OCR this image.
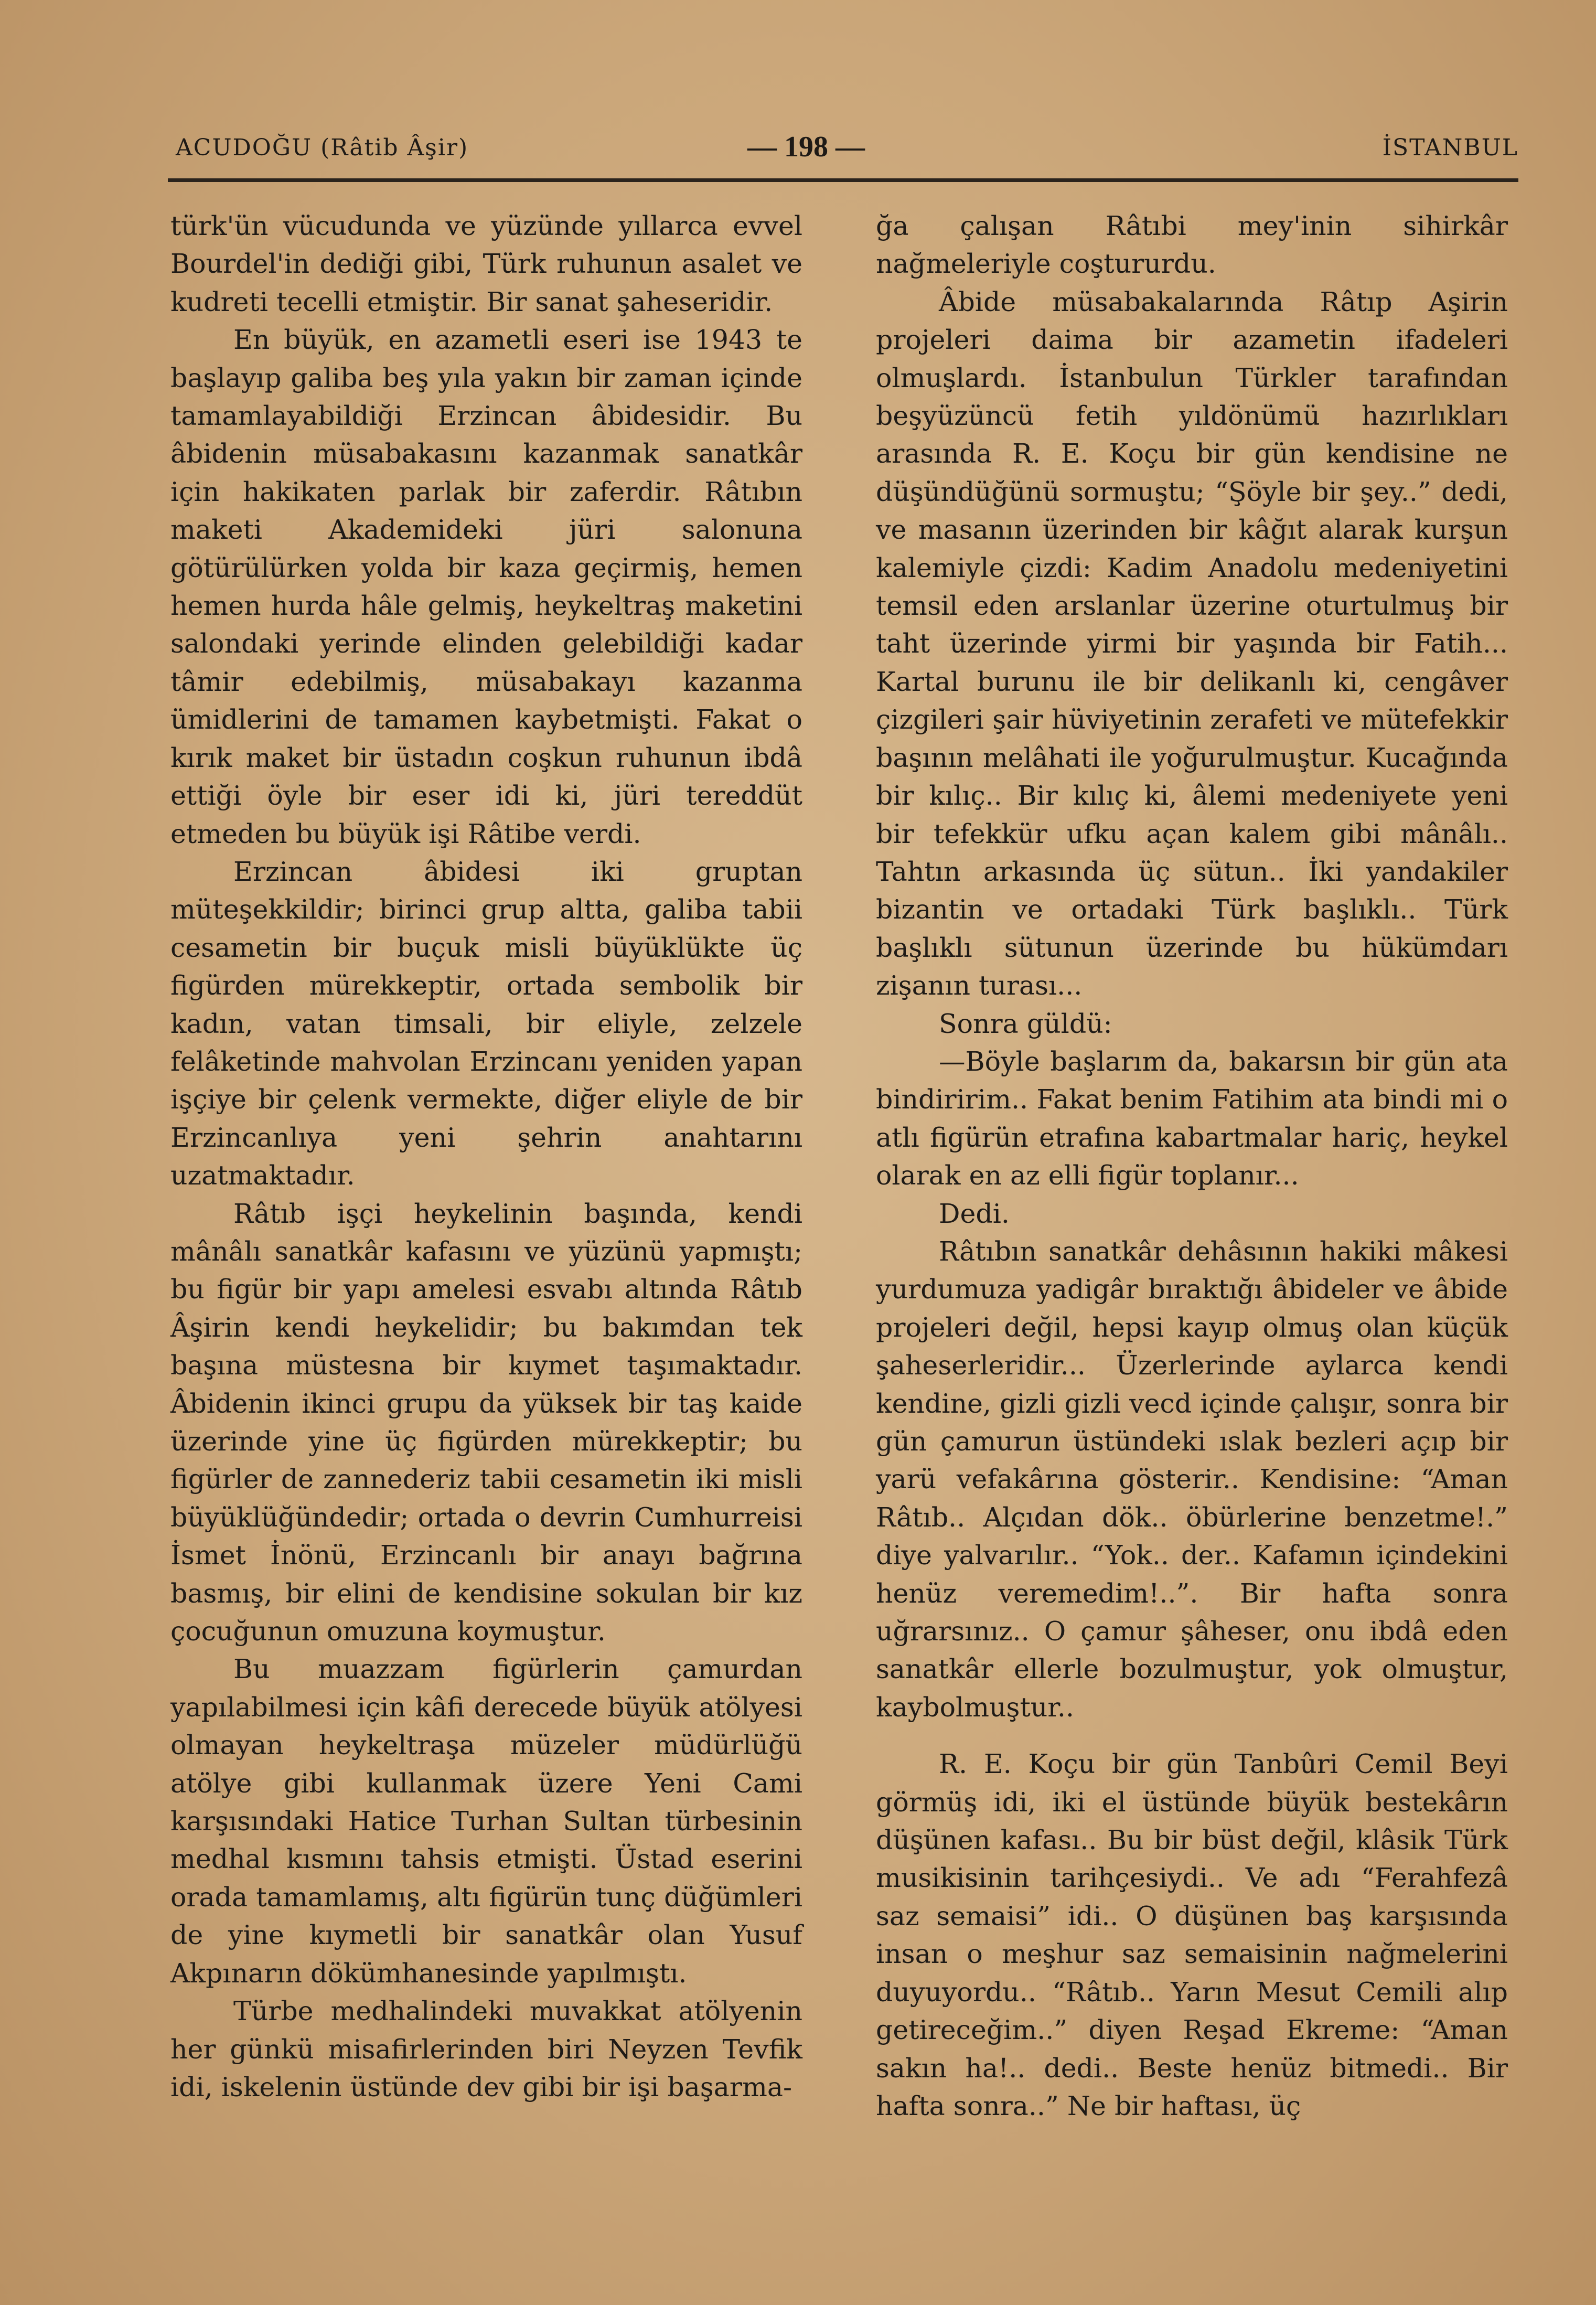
ACUDOĞU (Râtib Âşir)	— 198 —	İSTANBUL

türk'ün vücudunda ve yüzünde yıllarca evvel Bourdel'in dediği gibi, Türk ruhunun asalet ve kudreti tecelli etmiştir. Bir sanat şaheseridir.

En büyük, en azametli eseri ise 1943 te başlayıp galiba beş yıla yakın bir zaman içinde tamamlayabildiği Erzincan âbidesidir. Bu âbidenin müsabakasını kazanmak sanatkâr için hakikaten parlak bir zaferdir. Râtıbın maketi Akademideki jüri salonuna götürülürken yolda bir kaza geçirmiş, hemen hemen hurda hâle gelmiş, heykeltraş maketini salondaki yerinde elinden gelebildiği kadar tâmir edebilmiş, müsabakayı kazanma ümidlerini de tamamen kaybetmişti. Fakat o kırık maket bir üstadın coşkun ruhunun ibdâ ettiği öyle bir eser idi ki, jüri tereddüt etmeden bu büyük işi Râtibe verdi.

Erzincan âbidesi iki gruptan müteşekkildir; birinci grup altta, galiba tabii cesametin bir buçuk misli büyüklükte üç figürden mürekkeptir, ortada sembolik bir kadın, vatan timsali, bir eliyle, zelzele felâketinde mahvolan Erzincanı yeniden yapan işçiye bir çelenk vermekte, diğer eliyle de bir Erzincanlıya yeni şehrin anahtarını uzatmaktadır.

Râtıb işçi heykelinin başında, kendi mânâlı sanatkâr kafasını ve yüzünü yapmıştı; bu figür bir yapı amelesi esvabı altında Râtıb Âşirin kendi heykelidir; bu bakımdan tek başına müstesna bir kıymet taşımaktadır. Âbidenin ikinci grupu da yüksek bir taş kaide üzerinde yine üç figürden mürekkeptir; bu figürler de zannederiz tabii cesametin iki misli büyüklüğündedir; ortada o devrin Cumhurreisi İsmet İnönü, Erzincanlı bir anayı bağrına basmış, bir elini de kendisine sokulan bir kız çocuğunun omuzuna koymuştur.

Bu muazzam figürlerin çamurdan yapılabilmesi için kâfi derecede büyük atölyesi olmayan heykeltraşa müzeler müdürlüğü atölye gibi kullanmak üzere Yeni Cami karşısındaki Hatice Turhan Sultan türbesinin medhal kısmını tahsis etmişti. Üstad eserini orada tamamlamış, altı figürün tunç düğümleri de yine kıymetli bir sanatkâr olan Yusuf Akpınarın dökümhanesinde yapılmıştı.

Türbe medhalindeki muvakkat atölyenin her günkü misafirlerinden biri Neyzen Tevfik idi, iskelenin üstünde dev gibi bir işi başarma-

ğa çalışan Râtıbi mey'inin sihirkâr nağmeleriyle coştururdu.

Âbide müsabakalarında Râtıp Aşirin projeleri daima bir azametin ifadeleri olmuşlardı. İstanbulun Türkler tarafından beşyüzüncü fetih yıldönümü hazırlıkları arasında R. E. Koçu bir gün kendisine ne düşündüğünü sormuştu; “Şöyle bir şey..” dedi, ve masanın üzerinden bir kâğıt alarak kurşun kalemiyle çizdi: Kadim Anadolu medeniyetini temsil eden arslanlar üzerine oturtulmuş bir taht üzerinde yirmi bir yaşında bir Fatih... Kartal burunu ile bir delikanlı ki, cengâver çizgileri şair hüviyetinin zerafeti ve mütefekkir başının melâhati ile yoğurulmuştur. Kucağında bir kılıç.. Bir kılıç ki, âlemi medeniyete yeni bir tefekkür ufku açan kalem gibi mânâlı.. Tahtın arkasında üç sütun.. İki yandakiler bizantin ve ortadaki Türk başlıklı.. Türk başlıklı sütunun üzerinde bu hükümdarı zişanın turası...

Sonra güldü:

—Böyle başlarım da, bakarsın bir gün ata bindiririm.. Fakat benim Fatihim ata bindi mi o atlı figürün etrafına kabartmalar hariç, heykel olarak en az elli figür toplanır...

Dedi.

Râtıbın sanatkâr dehâsının hakiki mâkesi yurdumuza yadigâr bıraktığı âbideler ve âbide projeleri değil, hepsi kayıp olmuş olan küçük şaheserleridir... Üzerlerinde aylarca kendi kendine, gizli gizli vecd içinde çalışır, sonra bir gün çamurun üstündeki ıslak bezleri açıp bir yarü vefakârına gösterir.. Kendisine: “Aman Râtıb.. Alçıdan dök.. öbürlerine benzetme!.” diye yalvarılır.. “Yok.. der.. Kafamın içindekini henüz veremedim!..”. Bir hafta sonra uğrarsınız.. O çamur şâheser, onu ibdâ eden sanatkâr ellerle bozulmuştur, yok olmuştur, kaybolmuştur..

R. E. Koçu bir gün Tanbûri Cemil Beyi görmüş idi, iki el üstünde büyük bestekârın düşünen kafası.. Bu bir büst değil, klâsik Türk musikisinin tarihçesiydi.. Ve adı “Ferahfezâ saz semaisi” idi.. O düşünen baş karşısında insan o meşhur saz semaisinin nağmelerini duyuyordu.. “Râtıb.. Yarın Mesut Cemili alıp getireceğim..” diyen Reşad Ekreme: “Aman sakın ha!.. dedi.. Beste henüz bitmedi.. Bir hafta sonra..” Ne bir haftası, üç
